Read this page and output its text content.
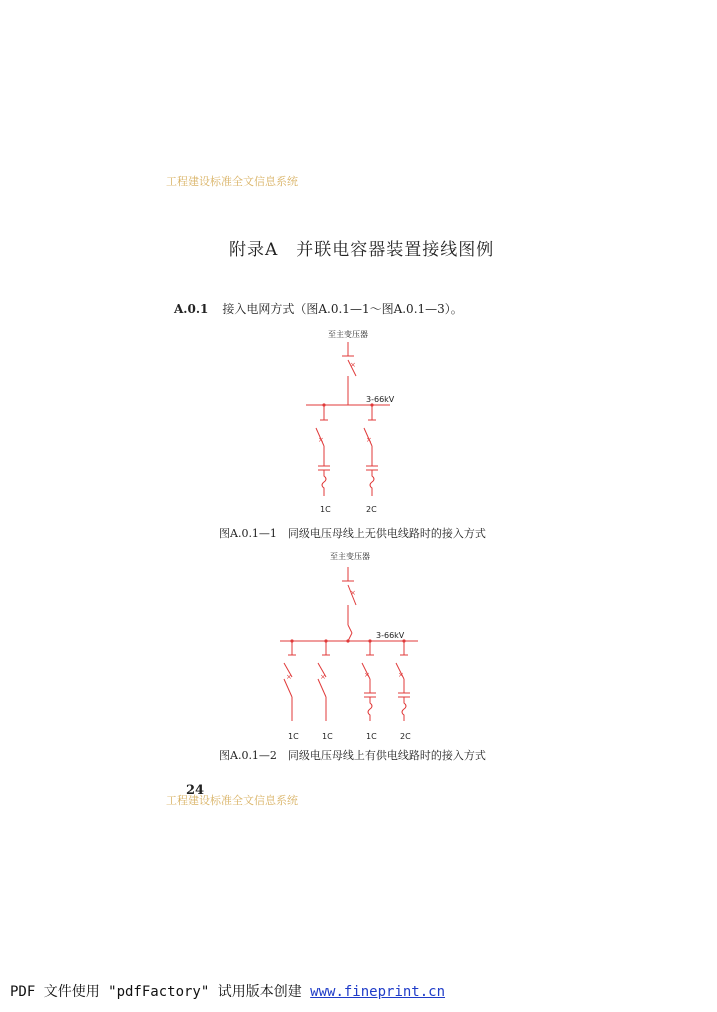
工程建设标准全文信息系统
附录A　并联电容器装置接线图例
A.0.1 接入电网方式（图A.0.1—1～图A.0.1—3）。
至主变压器
×
×	×
3-66kV
1C	2C
图A.0.1—1　同级电压母线上无供电线路时的接入方式
至主变压器
×
×	×	×	×
3-66kV
1C	1C	1C	2C
图A.0.1—2　同级电压母线上有供电线路时的接入方式
24
工程建设标准全文信息系统
PDF 文件使用 "pdfFactory" 试用版本创建 www.fineprint.cn
